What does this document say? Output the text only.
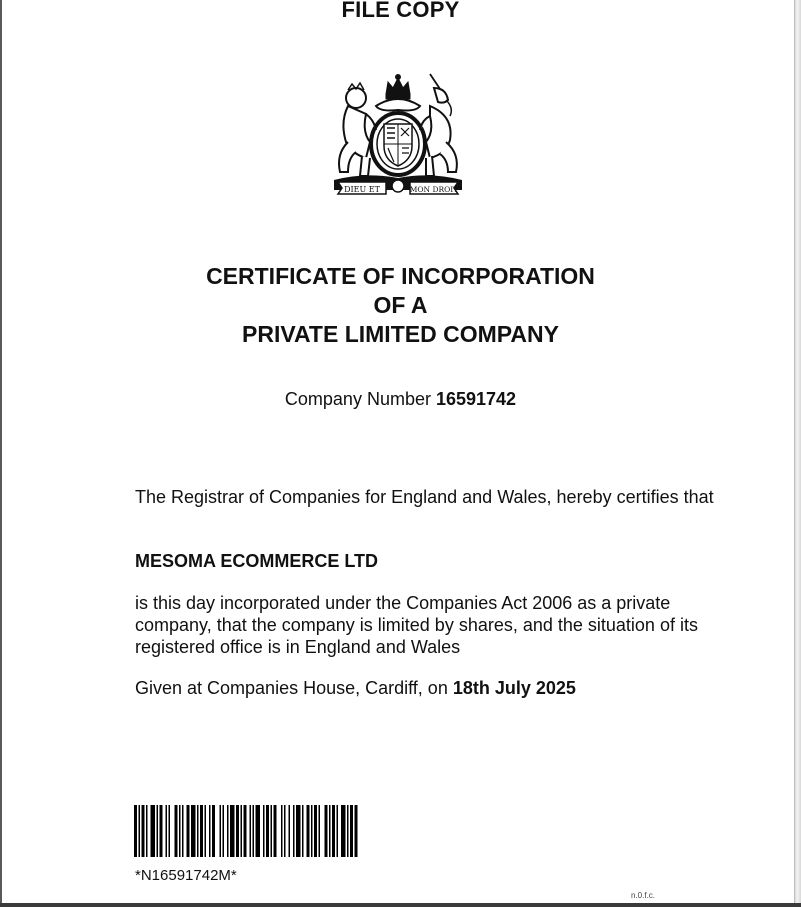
FILE COPY
DIEU ET	MON DROIT
CERTIFICATE OF INCORPORATION
OF A
PRIVATE LIMITED COMPANY
Company Number 16591742
The Registrar of Companies for England and Wales, hereby certifies that
MESOMA ECOMMERCE LTD
is this day incorporated under the Companies Act 2006 as a private company, that the company is limited by shares, and the situation of its registered office is in England and Wales
Given at Companies House, Cardiff, on 18th July 2025
*N16591742M*
n.0.f.c.
